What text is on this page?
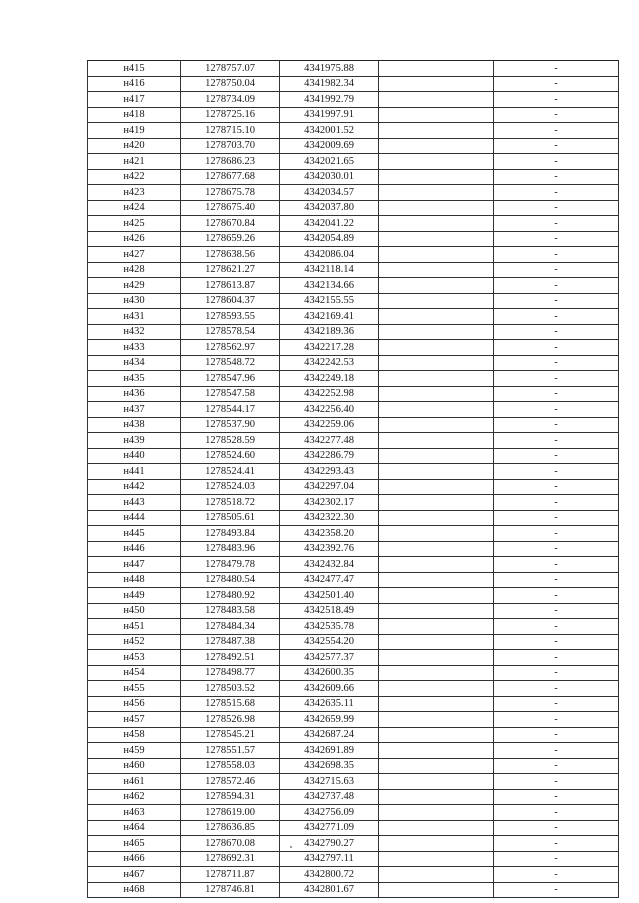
н415	1278757.07	4341975.88		-
н416	1278750.04	4341982.34		-
н417	1278734.09	4341992.79		-
н418	1278725.16	4341997.91		-
н419	1278715.10	4342001.52		-
н420	1278703.70	4342009.69		-
н421	1278686.23	4342021.65		-
н422	1278677.68	4342030.01		-
н423	1278675.78	4342034.57		-
н424	1278675.40	4342037.80		-
н425	1278670.84	4342041.22		-
н426	1278659.26	4342054.89		-
н427	1278638.56	4342086.04		-
н428	1278621.27	4342118.14		-
н429	1278613.87	4342134.66		-
н430	1278604.37	4342155.55		-
н431	1278593.55	4342169.41		-
н432	1278578.54	4342189.36		-
н433	1278562.97	4342217.28		-
н434	1278548.72	4342242.53		-
н435	1278547.96	4342249.18		-
н436	1278547.58	4342252.98		-
н437	1278544.17	4342256.40		-
н438	1278537.90	4342259.06		-
н439	1278528.59	4342277.48		-
н440	1278524.60	4342286.79		-
н441	1278524.41	4342293.43		-
н442	1278524.03	4342297.04		-
н443	1278518.72	4342302.17		-
н444	1278505.61	4342322.30		-
н445	1278493.84	4342358.20		-
н446	1278483.96	4342392.76		-
н447	1278479.78	4342432.84		-
н448	1278480.54	4342477.47		-
н449	1278480.92	4342501.40		-
н450	1278483.58	4342518.49		-
н451	1278484.34	4342535.78		-
н452	1278487.38	4342554.20		-
н453	1278492.51	4342577.37		-
н454	1278498.77	4342600.35		-
н455	1278503.52	4342609.66		-
н456	1278515.68	4342635.11		-
н457	1278526.98	4342659.99		-
н458	1278545.21	4342687.24		-
н459	1278551.57	4342691.89		-
н460	1278558.03	4342698.35		-
н461	1278572.46	4342715.63		-
н462	1278594.31	4342737.48		-
н463	1278619.00	4342756.09		-
н464	1278636.85	4342771.09		-
н465	1278670.08	4342790.27		-
н466	1278692.31	4342797.11		-
н467	1278711.87	4342800.72		-
н468	1278746.81	4342801.67		-
